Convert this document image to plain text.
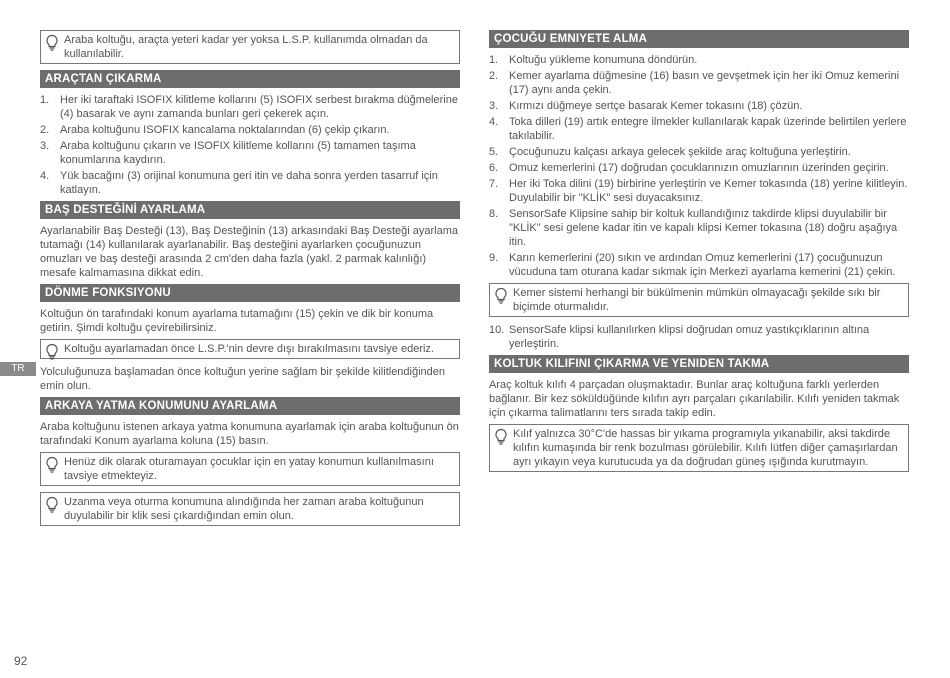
Araba koltuğu, araçta yeteri kadar yer yoksa L.S.P. kullanımda olmadan da kullanılabilir.
ARAÇTAN ÇIKARMA
1. Her iki taraftaki ISOFIX kilitleme kollarını (5) ISOFIX serbest bırakma düğmelerine (4) basarak ve aynı zamanda bunları geri çekerek açın.
2. Araba koltuğunu ISOFIX kancalama noktalarından (6) çekip çıkarın.
3. Araba koltuğunu çıkarın ve ISOFIX kilitleme kollarını (5) tamamen taşıma konumlarına kaydırın.
4. Yük bacağını (3) orijinal konumuna geri itin ve daha sonra yerden tasarruf için katlayın.
BAŞ DESTEĞİNİ AYARLAMA

Ayarlanabilir Baş Desteği (13), Baş Desteğinin (13) arkasındaki Baş Desteği ayarlama tutamağı (14) kullanılarak ayarlanabilir. Baş desteğini ayarlarken çocuğunuzun omuzları ve baş desteği arasında 2 cm'den daha fazla (yakl. 2 parmak kalınlığı) mesafe kalmamasına dikkat edin.

DÖNME FONKSIYONU

Koltuğun ön tarafındaki konum ayarlama tutamağını (15) çekin ve dik bir konuma getirin. Şimdi koltuğu çevirebilirsiniz.

Koltuğu ayarlamadan önce L.S.P.'nin devre dışı bırakılmasını tavsiye ederiz.

Yolculuğunuza başlamadan önce koltuğun yerine sağlam bir şekilde kilitlendiğinden emin olun.

ARKAYA YATMA KONUMUNU AYARLAMA

Araba koltuğunu istenen arkaya yatma konumuna ayarlamak için araba koltuğunun ön tarafındaki Konum ayarlama koluna (15) basın.

Henüz dik olarak oturamayan çocuklar için en yatay konumun kullanılmasını tavsiye etmekteyiz.
Uzanma veya oturma konumuna alındığında her zaman araba koltuğunun duyulabilir bir klik sesi çıkardığından emin olun.
ÇOCUĞU EMNIYETE ALMA
1. Koltuğu yükleme konumuna döndürün.
2. Kemer ayarlama düğmesine (16) basın ve gevşetmek için her iki Omuz kemerini (17) aynı anda çekin.
3. Kırmızı düğmeye sertçe basarak Kemer tokasını (18) çözün.
4. Toka dilleri (19) artık entegre ilmekler kullanılarak kapak üzerinde belirtilen yerlere takılabilir.
5. Çocuğunuzu kalçası arkaya gelecek şekilde araç koltuğuna yerleştirin.
6. Omuz kemerlerini (17) doğrudan çocuklarınızın omuzlarının üzerinden geçirin.
7. Her iki Toka dilini (19) birbirine yerleştirin ve Kemer tokasında (18) yerine kilitleyin. Duyulabilir bir "KLİK" sesi duyacaksınız.
8. SensorSafe Klipsine sahip bir koltuk kullandığınız takdirde klipsi duyulabilir bir "KLİK" sesi gelene kadar itin ve kapalı klipsi Kemer tokasına (18) doğru aşağıya itin.
9. Karın kemerlerini (20) sıkın ve ardından Omuz kemerlerini (17) çocuğunuzun vücuduna tam oturana kadar sıkmak için Merkezi ayarlama kemerini (21) çekin.
Kemer sistemi herhangi bir bükülmenin mümkün olmayacağı şekilde sıkı bir biçimde oturmalıdır.
10. SensorSafe klipsi kullanılırken klipsi doğrudan omuz yastıkçıklarının altına yerleştirin.
KOLTUK KILIFINI ÇIKARMA VE YENIDEN TAKMA

Araç koltuk kılıfı 4 parçadan oluşmaktadır. Bunlar araç koltuğuna farklı yerlerden bağlanır. Bir kez söküldüğünde kılıfın ayrı parçaları çıkarılabilir. Kılıfı yeniden takmak için çıkarma talimatlarını ters sırada takip edin.

Kılıf yalnızca 30°C'de hassas bir yıkama programıyla yıkanabilir, aksi takdirde kılıfın kumaşında bir renk bozulması görülebilir. Kılıfı lütfen diğer çamaşırlardan ayrı yıkayın veya kurutucuda ya da doğrudan güneş ışığında kurutmayın.
TR
92
